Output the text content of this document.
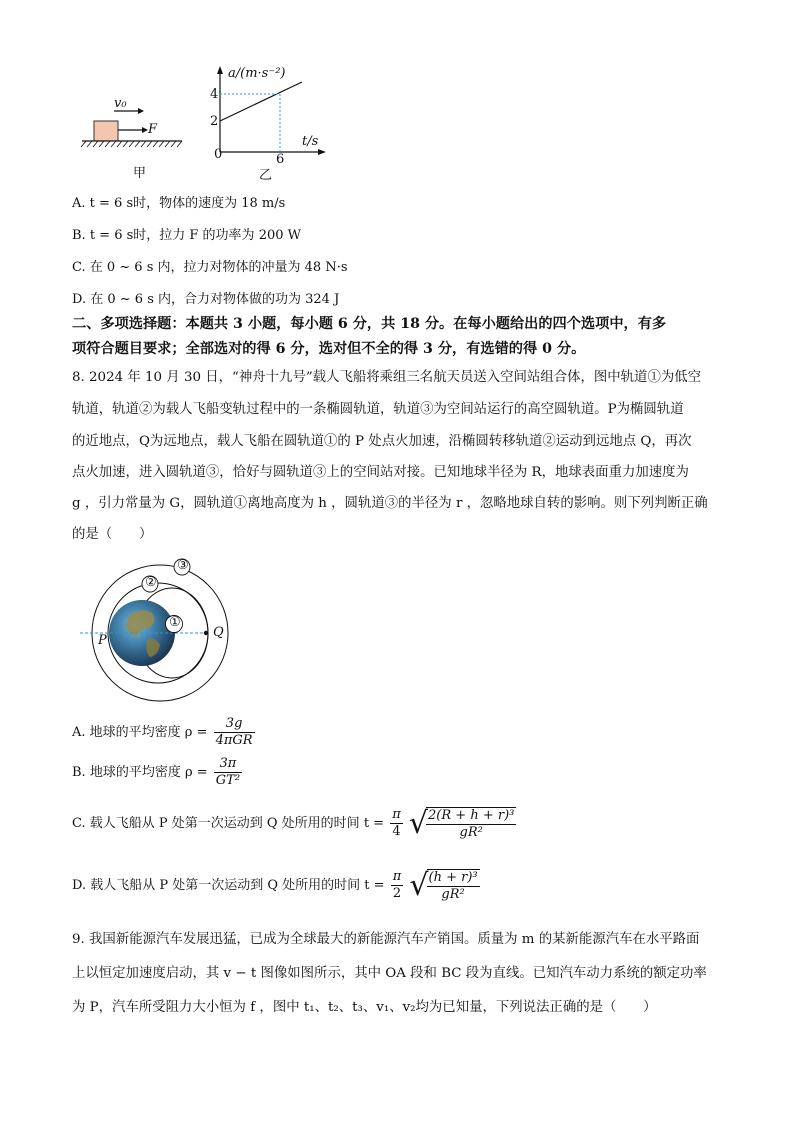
v₀
F
甲
a/(m·s⁻²)
t/s
4
2
0	6
乙
A. t = 6 s时，物体的速度为 18 m/s
B. t = 6 s时，拉力 F 的功率为 200 W
C. 在 0 ~ 6 s 内，拉力对物体的冲量为 48 N·s
D. 在 0 ~ 6 s 内，合力对物体做的功为 324 J
二、多项选择题：本题共 3 小题，每小题 6 分，共 18 分。在每小题给出的四个选项中，有多
项符合题目要求；全部选对的得 6 分，选对但不全的得 3 分，有选错的得 0 分。
8. 2024 年 10 月 30 日，“神舟十九号”载人飞船将乘组三名航天员送入空间站组合体，图中轨道①为低空
轨道，轨道②为载人飞船变轨过程中的一条椭圆轨道，轨道③为空间站运行的高空圆轨道。P为椭圆轨道
的近地点，Q为远地点，载人飞船在圆轨道①的 P 处点火加速，沿椭圆转移轨道②运动到远地点 Q，再次
点火加速，进入圆轨道③，恰好与圆轨道③上的空间站对接。已知地球半径为 R，地球表面重力加速度为
g ，引力常量为 G，圆轨道①离地高度为 h ，圆轨道③的半径为 r ，忽略地球自转的影响。则下列判断正确
的是（　　）
①
②
③
P
Q
A. 地球的平均密度 $\rho = \frac{3g}{\text{4πGR}}$
B. 地球的平均密度 $\rho = \frac{3\pi}{\text{GT²}}$
C. 载人飞船从 P 处第一次运动到 Q 处所用的时间 $t = \frac{\pi}{4}$ √
$\frac{\text{2(R + h + r)³}}{\text{gR²}}$
D. 载人飞船从 P 处第一次运动到 Q 处所用的时间 $t = \frac{\pi}{2}$ √
$\frac{\text{(h + r)³}}{\text{gR²}}$
9. 我国新能源汽车发展迅猛，已成为全球最大的新能源汽车产销国。质量为 m 的某新能源汽车在水平路面
上以恒定加速度启动，其 v − t 图像如图所示，其中 OA 段和 BC 段为直线。已知汽车动力系统的额定功率
为 P，汽车所受阻力大小恒为 f ，图中 t₁、t₂、t₃、v₁、v₂均为已知量，下列说法正确的是（　　）
